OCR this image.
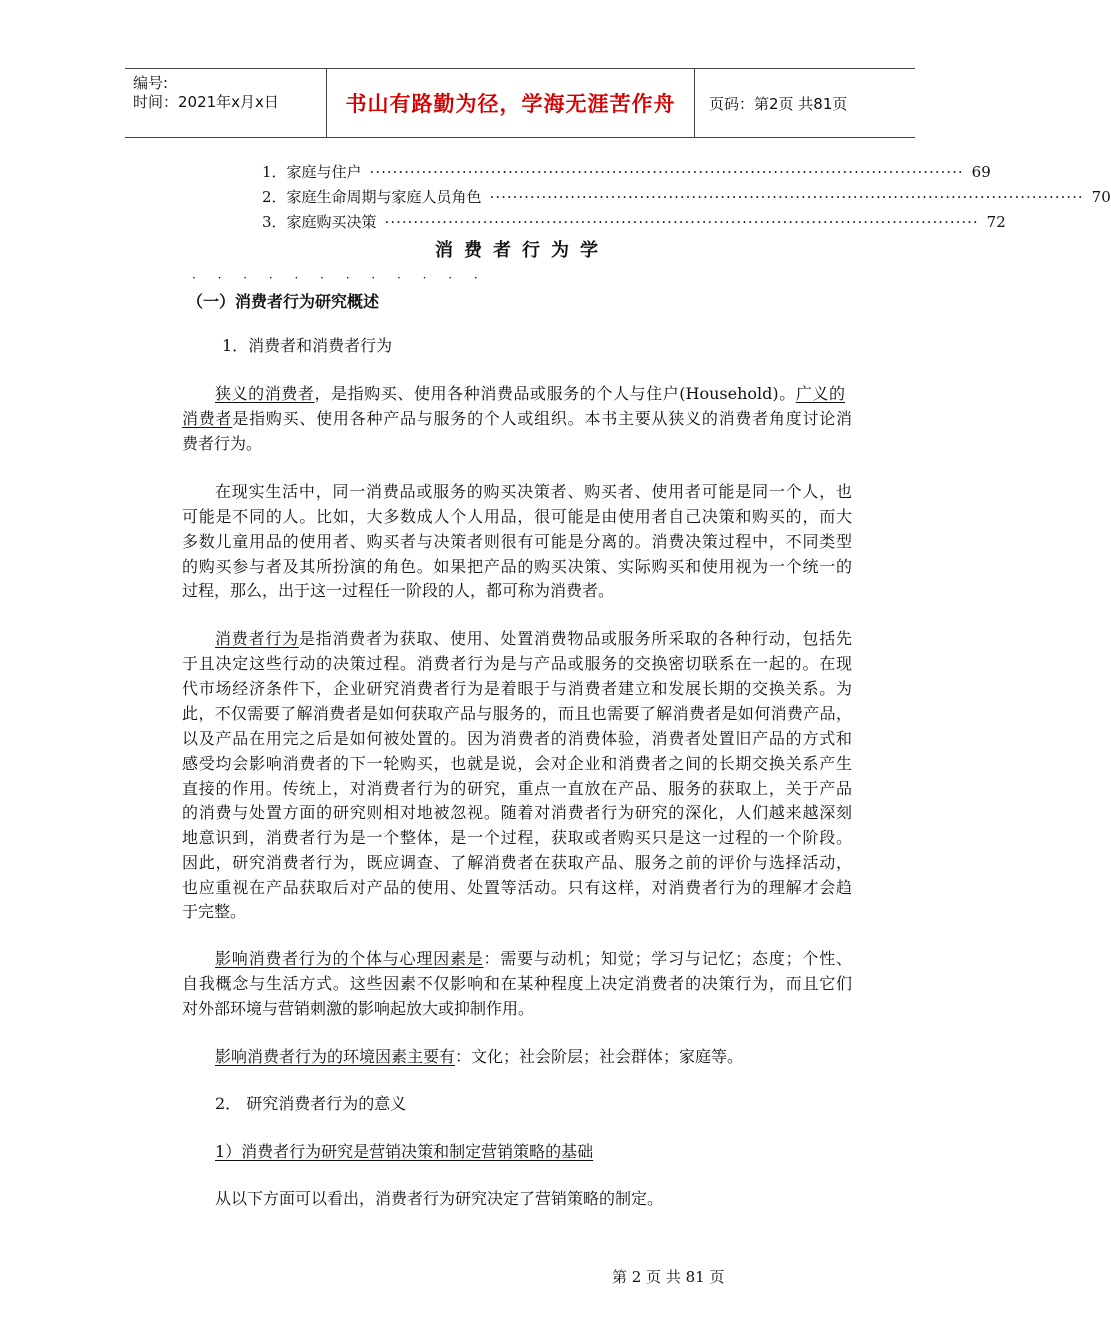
编号:
时间：2021年x月x日	书山有路勤为径，学海无涯苦作舟 页码：第2页 共81页
1．家庭与住户 ······································································································· 69
2．家庭生命周期与家庭人员角色 ······································································································· 70
3．家庭购买决策 ······································································································· 72
消费者行为学
· · · · · · · · · · · ·
（一）消费者行为研究概述
1．消费者和消费者行为
狭义的消费者，是指购买、使用各种消费品或服务的个人与住户(Household)。广义的
消费者是指购买、使用各种产品与服务的个人或组织。本书主要从狭义的消费者角度讨论消
费者行为。
在现实生活中，同一消费品或服务的购买决策者、购买者、使用者可能是同一个人，也
可能是不同的人。比如，大多数成人个人用品，很可能是由使用者自己决策和购买的，而大
多数儿童用品的使用者、购买者与决策者则很有可能是分离的。消费决策过程中，不同类型
的购买参与者及其所扮演的角色。如果把产品的购买决策、实际购买和使用视为一个统一的
过程，那么，出于这一过程任一阶段的人，都可称为消费者。
消费者行为是指消费者为获取、使用、处置消费物品或服务所采取的各种行动，包括先
于且决定这些行动的决策过程。消费者行为是与产品或服务的交换密切联系在一起的。在现
代市场经济条件下，企业研究消费者行为是着眼于与消费者建立和发展长期的交换关系。为
此，不仅需要了解消费者是如何获取产品与服务的，而且也需要了解消费者是如何消费产品，
以及产品在用完之后是如何被处置的。因为消费者的消费体验，消费者处置旧产品的方式和
感受均会影响消费者的下一轮购买，也就是说，会对企业和消费者之间的长期交换关系产生
直接的作用。传统上，对消费者行为的研究，重点一直放在产品、服务的获取上，关于产品
的消费与处置方面的研究则相对地被忽视。随着对消费者行为研究的深化，人们越来越深刻
地意识到，消费者行为是一个整体，是一个过程，获取或者购买只是这一过程的一个阶段。
因此，研究消费者行为，既应调查、了解消费者在获取产品、服务之前的评价与选择活动，
也应重视在产品获取后对产品的使用、处置等活动。只有这样，对消费者行为的理解才会趋
于完整。
影响消费者行为的个体与心理因素是：需要与动机；知觉；学习与记忆；态度；个性、
自我概念与生活方式。这些因素不仅影响和在某种程度上决定消费者的决策行为，而且它们
对外部环境与营销刺激的影响起放大或抑制作用。
影响消费者行为的环境因素主要有：文化；社会阶层；社会群体；家庭等。
2． 研究消费者行为的意义
1）消费者行为研究是营销决策和制定营销策略的基础
从以下方面可以看出，消费者行为研究决定了营销策略的制定。
第 2 页 共 81 页
